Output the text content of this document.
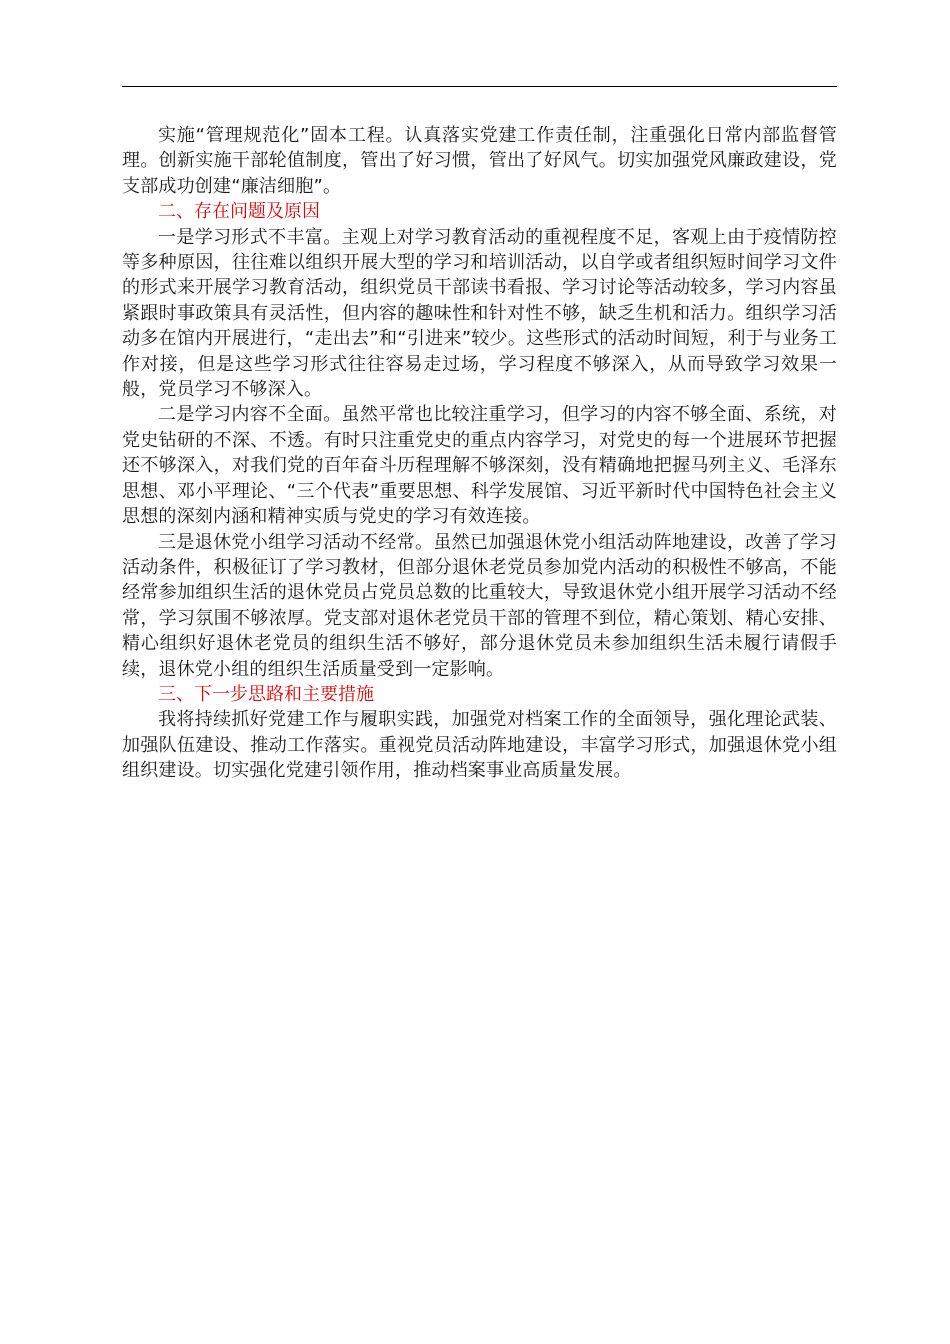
实施“管理规范化”固本工程。认真落实党建工作责任制，注重强化日常内部监督管理。创新实施干部轮值制度，管出了好习惯，管出了好风气。切实加强党风廉政建设，党支部成功创建“廉洁细胞”。

二、存在问题及原因

一是学习形式不丰富。主观上对学习教育活动的重视程度不足，客观上由于疫情防控等多种原因，往往难以组织开展大型的学习和培训活动，以自学或者组织短时间学习文件的形式来开展学习教育活动，组织党员干部读书看报、学习讨论等活动较多，学习内容虽紧跟时事政策具有灵活性，但内容的趣味性和针对性不够，缺乏生机和活力。组织学习活动多在馆内开展进行，“走出去”和“引进来”较少。这些形式的活动时间短，利于与业务工作对接，但是这些学习形式往往容易走过场，学习程度不够深入，从而导致学习效果一般，党员学习不够深入。

二是学习内容不全面。虽然平常也比较注重学习，但学习的内容不够全面、系统，对党史钻研的不深、不透。有时只注重党史的重点内容学习，对党史的每一个进展环节把握还不够深入，对我们党的百年奋斗历程理解不够深刻，没有精确地把握马列主义、毛泽东思想、邓小平理论、“三个代表”重要思想、科学发展馆、习近平新时代中国特色社会主义思想的深刻内涵和精神实质与党史的学习有效连接。

三是退休党小组学习活动不经常。虽然已加强退休党小组活动阵地建设，改善了学习活动条件，积极征订了学习教材，但部分退休老党员参加党内活动的积极性不够高，不能经常参加组织生活的退休党员占党员总数的比重较大，导致退休党小组开展学习活动不经常，学习氛围不够浓厚。党支部对退休老党员干部的管理不到位，精心策划、精心安排、精心组织好退休老党员的组织生活不够好，部分退休党员未参加组织生活未履行请假手续，退休党小组的组织生活质量受到一定影响。

三、下一步思路和主要措施

我将持续抓好党建工作与履职实践，加强党对档案工作的全面领导，强化理论武装、加强队伍建设、推动工作落实。重视党员活动阵地建设，丰富学习形式，加强退休党小组组织建设。切实强化党建引领作用，推动档案事业高质量发展。
